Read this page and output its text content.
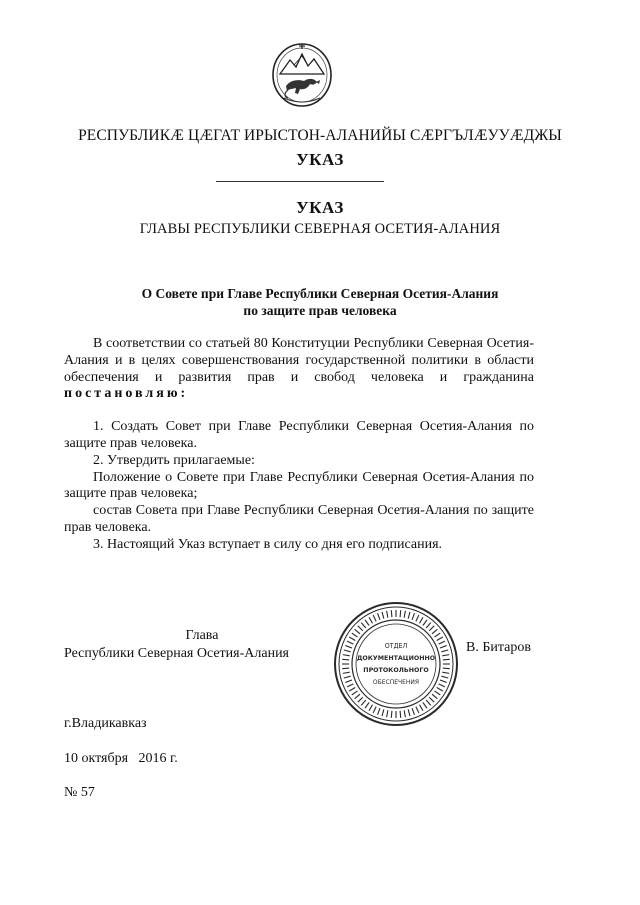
РЕСПУБЛИКӔ ЦӔГАТ ИРЫСТОН-АЛАНИЙЫ СӔРГЪЛӔУУӔДЖЫ
УКАЗ
УКАЗ
ГЛАВЫ РЕСПУБЛИКИ СЕВЕРНАЯ ОСЕТИЯ-АЛАНИЯ
О Совете при Главе Республики Северная Осетия-Алания
по защите прав человека

В соответствии со статьей 80 Конституции Республики Северная Осетия-Алания и в целях совершенствования государственной политики в области обеспечения и развития прав и свобод человека и гражданина постановляю:

1. Создать Совет при Главе Республики Северная Осетия-Алания по защите прав человека.

2. Утвердить прилагаемые:

Положение о Совете при Главе Республики Северная Осетия-Алания по защите прав человека;

состав Совета при Главе Республики Северная Осетия-Алания по защите прав человека.

3. Настоящий Указ вступает в силу со дня его подписания.

Глава
Республики Северная Осетия-Алания	ОТДЕЛ
ДОКУМЕНТАЦИОННО
ПРОТОКОЛЬНОГО
ОБЕСПЕЧЕНИЯ
В. Битаров
г.Владикавказ
10 октября   2016 г.
№ 57
